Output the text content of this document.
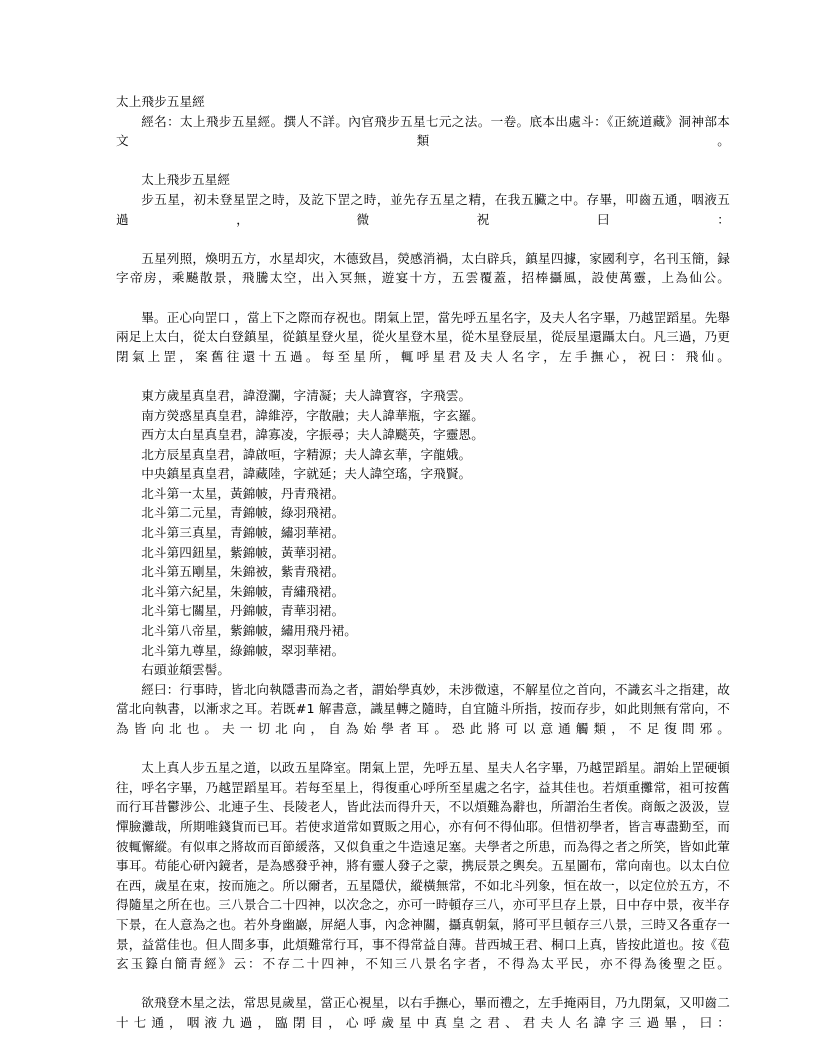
太上飛步五星經
經名：太上飛步五星經。撰人不詳。內官飛步五星七元之法。一卷。底本出處斗：《正統道藏》洞神部本文類。
太上飛步五星經
步五星，初未登星罡之時，及訖下罡之時，並先存五星之精，在我五臟之中。存畢，叩齒五通，咽液五過，微祝曰：
五星列照，煥明五方，水星却灾，木德致昌，熒感消禍，太白辟兵，鎮星四據，家國利亨，名刊玉簡，録字帝房，乘飇散景，飛騰太空，出入冥無，遊宴十方，五雲覆蓋，招棒攝風，設使萬靈，上為仙公。
畢。正心向罡口 ，當上下之際而存祝也。閉氣上罡，當先呼五星名字，及夫人名字畢，乃越罡蹈星。先舉兩足上太白，從太白登鎮星，從鎮星登火星，從火星登木星，從木星登辰星，從辰星還躡太白。凡三過，乃更閉氣上罡，案舊往還十五過。每至星所，輒呼星君及夫人名字，左手撫心，祝曰：飛仙。
東方歲星真皇君，諱澄瀾，字清凝；夫人諱寶容，字飛雲。
南方熒惑星真皇君，諱維渟，字散融；夫人諱華瓶，字玄羅。
西方太白星真皇君，諱寡凌，字振尋；夫人諱颷英，字靈恩。
北方辰星真皇君，諱啟咺，字精源；夫人諱玄華，字龍娥。
中央鎮星真皇君，諱藏陸，字就延；夫人諱空瑤，字飛賢。
北斗第一太星，黃錦帔，丹青飛裙。
北斗第二元星，青錦帔，綠羽飛裙。
北斗第三真星，青錦帔，繡羽華裙。
北斗第四鈕星，紫錦帔，黃華羽裙。
北斗第五剛星，朱錦被，紫青飛裙。
北斗第六紀星，朱錦帔，青繡飛裙。
北斗第七關星，丹錦帔，青華羽裙。
北斗第八帝星，紫錦帔，繡用飛丹裙。
北斗第九尊星，綠錦帔，翠羽華裙。
右頭並頯雲髻。
經曰：行事時，皆北向執隱書而為之者，謂始學真妙，未涉微遠，不解星位之首向，不識玄斗之指建，故當北向執書，以漸求之耳。若既#1 解書意，識星轉之隨時，自宜隨斗所指，按而存步，如此則無有常向，不為皆向北也。夫一切北向，自為始學者耳。恐此將可以意通觸類，不足復問邪。
太上真人步五星之道，以政五星降室。閉氣上罡，先呼五星、星夫人名字畢，乃越罡蹈星。謂始上罡硬頓往，呼名字畢，乃越罡蹈星耳。若每至星上，得復重心呼所至星處之名字，益其佳也。若煩重攤常，祖可按舊而行耳昔鬱涉公、北連子生、長陵老人，皆此法而得升天，不以煩難為辭也，所謂治生者俟。商飯之汲汲，豈憚臉灘哉，所期唯錢貨而已耳。若使求道常如賈販之用心，亦有何不得仙耶。但惜初學者，皆言專盡勤至，而彼輒懈縱。有似車之將故而百節緩落，又似負重之牛造遠足塞。夫學者之所患，而為得之者之所笑，皆如此葷事耳。苟能心研內鏡者，是為感發乎神，將有靈人發子之蒙，携辰景之輿矣。五星圖布，常向南也。以太白位在西，歲星在束，按而施之。所以爾者，五星隱伏，縱橫無常，不如北斗列象，恒在故一，以定位於五方，不得隨星之所在也。三八景合二十四神，以次念之，亦可一時頓存三八，亦可平旦存上景，日中存中景，夜半存下景，在人意為之也。若外身幽巖，屏絕人事，內念神關，攝真朝氣，將可平旦頓存三八景，三時又各重存一景，益當佳也。但人間多事，此煩難常行耳，事不得常益自薄。昔西城王君、桐口上真，皆按此道也。按《苞玄玉籙白簡青經》云：不存二十四神，不知三八景名字者，不得為太平民，亦不得為後聖之臣。
欲飛登木星之法，常思見歲星，當正心視星，以右手撫心，畢而禮之，左手掩兩目，乃九閉氣，又叩齒二十七通，咽液九過，臨閉目，心呼歲星中真皇之君、君夫人名諱字三過畢，曰：
